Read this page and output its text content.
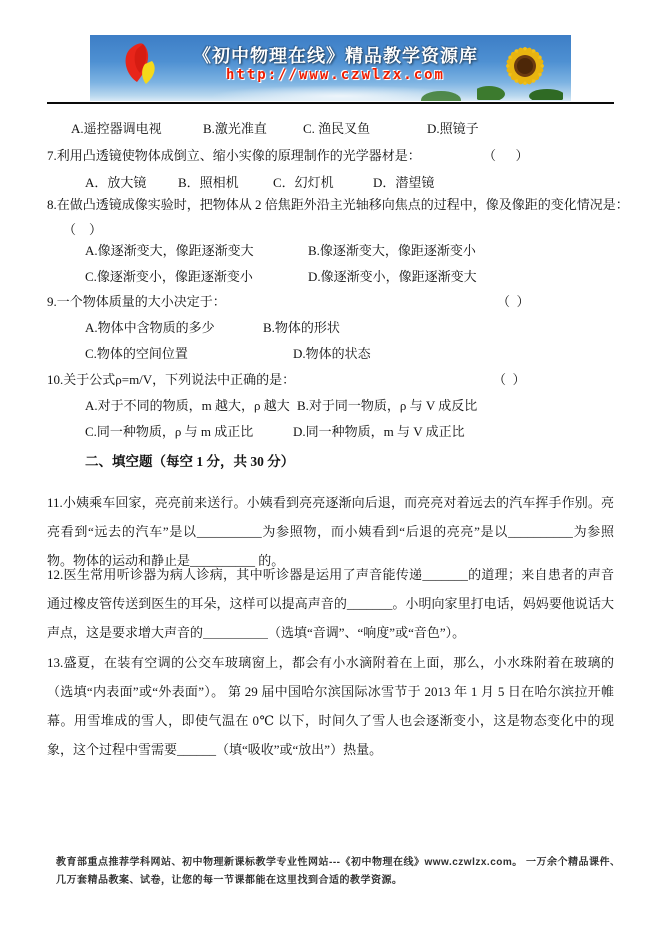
《初中物理在线》精品教学资源库
http://www.czwlzx.com

A.遥控器调电视

	B.激光准直

	C. 渔民叉鱼

	D.照镜子

7.利用凸透镜使物体成倒立、缩小实像的原理制作的光学器材是：

	（      ）

A．放大镜

B．照相机

	C．幻灯机

	D．潜望镜

8.在做凸透镜成像实验时，把物体从 2 倍焦距外沿主光轴移向焦点的过程中，像及像距的变化情况是：

（    ）

A.像逐渐变大，像距逐渐变大

	B.像逐渐变大，像距逐渐变小

C.像逐渐变小，像距逐渐变小

	D.像逐渐变小，像距逐渐变大

9.一个物体质量的大小决定于：

	（  ）

A.物体中含物质的多少

	B.物体的形状

C.物体的空间位置

	D.物体的状态

10.关于公式ρ=m/V，下列说法中正确的是：

	（  ）

A.对于不同的物质，m 越大，ρ 越大

B.对于同一物质，ρ 与 V 成反比

C.同一种物质，ρ 与 m 成正比

	D.同一种物质，m 与 V 成正比

二、填空题（每空 1 分，共 30 分）

11.小姨乘车回家，亮亮前来送行。小姨看到亮亮逐渐向后退，而亮亮对着远去的汽车挥手作别。亮亮看到“远去的汽车”是以__________为参照物，而小姨看到“后退的亮亮”是以__________为参照物。物体的运动和静止是__________ 的。
12.医生常用听诊器为病人诊病，其中听诊器是运用了声音能传递_______的道理；来自患者的声音通过橡皮管传送到医生的耳朵，这样可以提高声音的_______。小明向家里打电话，妈妈要他说话大声点，这是要求增大声音的＿＿＿＿＿（选填“音调”、“响度”或“音色”）。
13.盛夏，在装有空调的公交车玻璃窗上，都会有小水滴附着在上面，那么，小水珠附着在玻璃的（选填“内表面”或“外表面”）。 第 29 届中国哈尔滨国际冰雪节于 2013 年 1 月 5 日在哈尔滨拉开帷幕。用雪堆成的雪人，即使气温在 0℃ 以下，时间久了雪人也会逐渐变小，这是物态变化中的现象，这个过程中雪需要______（填“吸收”或“放出”）热量。
教育部重点推荐学科网站、初中物理新课标教学专业性网站---《初中物理在线》www.czwlzx.com。 一万余个精品课件、
几万套精品教案、试卷，让您的每一节课都能在这里找到合适的教学资源。
